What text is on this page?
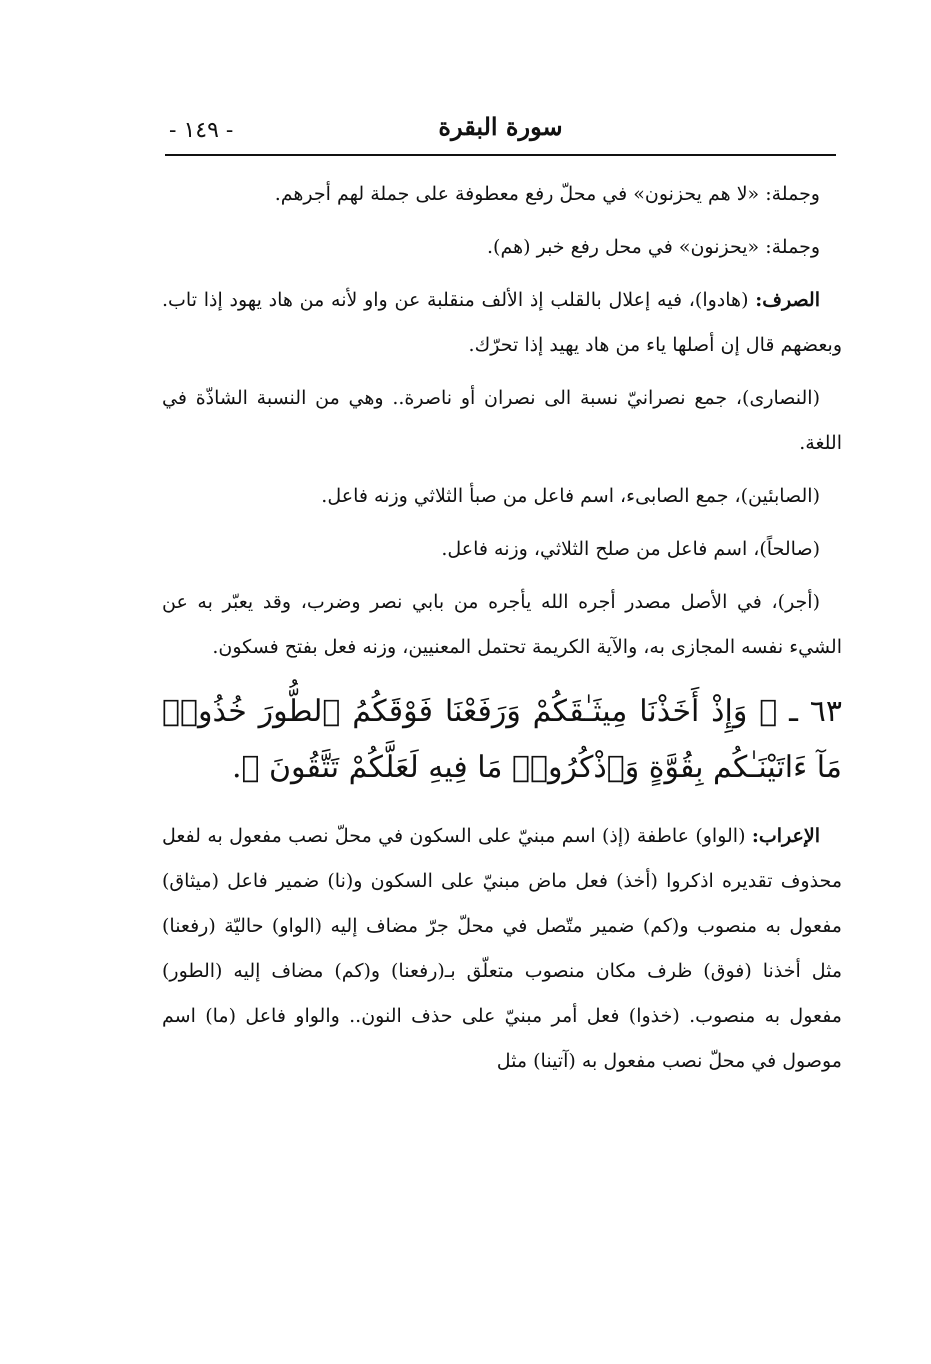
سورة البقرة
- ١٤٩ -

وجملة: «لا هم يحزنون» في محلّ رفع معطوفة على جملة لهم أجرهم.

وجملة: «يحزنون» في محل رفع خبر (هم).

الصرف: (هادوا)، فيه إعلال بالقلب إذ الألف منقلبة عن واو لأنه من هاد يهود إذا تاب. وبعضهم قال إن أصلها ياء من هاد يهيد إذا تحرّك.

(النصارى)، جمع نصرانيّ نسبة الى نصران أو ناصرة.. وهي من النسبة الشاذّة في اللغة.

(الصابئين)، جمع الصابىء، اسم فاعل من صبأ الثلاثي وزنه فاعل.

(صالحاً)، اسم فاعل من صلح الثلاثي، وزنه فاعل.

(أجر)، في الأصل مصدر أجره الله يأجره من بابي نصر وضرب، وقد يعبّر به عن الشيء نفسه المجازى به، والآية الكريمة تحتمل المعنيين، وزنه فعل بفتح فسكون.

٦٣ ـ ﴿ وَإِذْ أَخَذْنَا مِيثَـٰقَكُمْ وَرَفَعْنَا فَوْقَكُمُ ٱلطُّورَ خُذُوا۟ مَآ ءَاتَيْنَـٰكُم بِقُوَّةٍ وَٱذْكُرُوا۟ مَا فِيهِ لَعَلَّكُمْ تَتَّقُونَ ﴾.

الإعراب: (الواو) عاطفة (إذ) اسم مبنيّ على السكون في محلّ نصب مفعول به لفعل محذوف تقديره اذكروا (أخذ) فعل ماض مبنيّ على السكون و(نا) ضمير فاعل (ميثاق) مفعول به منصوب و(كم) ضمير متّصل في محلّ جرّ مضاف إليه (الواو) حاليّة (رفعنا) مثل أخذنا (فوق) ظرف مكان منصوب متعلّق بـ(رفعنا) و(كم) مضاف إليه (الطور) مفعول به منصوب. (خذوا) فعل أمر مبنيّ على حذف النون.. والواو فاعل (ما) اسم موصول في محلّ نصب مفعول به (آتينا) مثل
